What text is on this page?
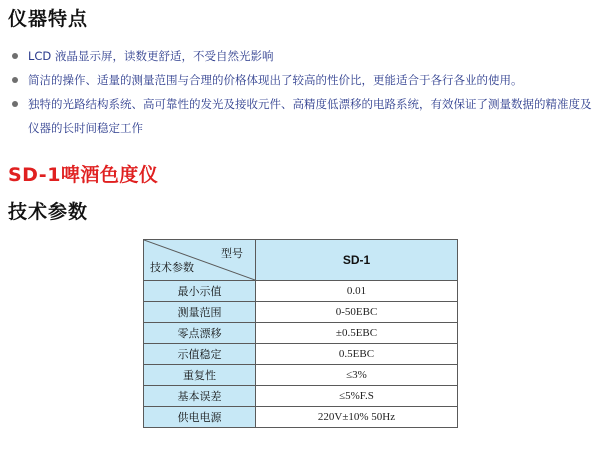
仪器特点
LCD 液晶显示屏，读数更舒适，不受自然光影响
简洁的操作、适量的测量范围与合理的价格体现出了较高的性价比，更能适合于各行各业的使用。
独特的光路结构系统、高可靠性的发光及接收元件、高精度低漂移的电路系统，有效保证了测量数据的精准度及仪器的长时间稳定工作
SD-1啤酒色度仪
技术参数
型号
技术参数	SD-1
最小示值	0.01
测量范围	0-50EBC
零点漂移	±0.5EBC
示值稳定	0.5EBC
重复性	≤3%
基本误差	≤5%F.S
供电电源	220V±10% 50Hz
